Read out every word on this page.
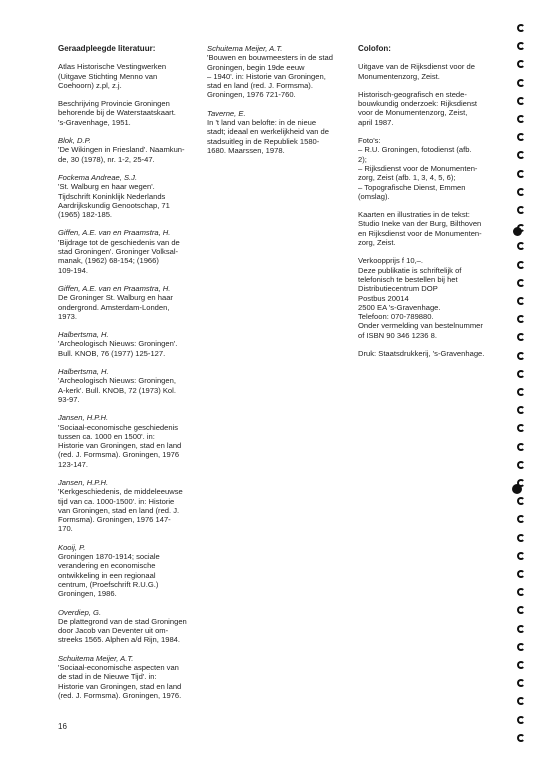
Geraadpleegde literatuur:
Atlas Historische Vestingwerken
(Uitgave Stichting Menno van
Coehoorn) z.pl, z.j.
Beschrijving Provincie Groningen
behorende bij de Waterstaatskaart.
's-Gravenhage, 1951.
Blok, D.P.
'De Wikingen in Friesland'. Naamkun-
de, 30 (1978), nr. 1-2, 25-47.
Fockema Andreae, S.J.
'St. Walburg en haar wegen'.
Tijdschrift Koninklijk Nederlands
Aardrijkskundig Genootschap, 71
(1965) 182-185.
Giffen, A.E. van en Praamstra, H.
'Bijdrage tot de geschiedenis van de
stad Groningen'. Groninger Volksal-
manak, (1962) 68-154; (1966)
109-194.
Giffen, A.E. van en Praamstra, H.
De Groninger St. Walburg en haar
ondergrond. Amsterdam-Londen,
1973.
Halbertsma, H.
'Archeologisch Nieuws: Groningen'.
Bull. KNOB, 76 (1977) 125-127.
Halbertsma, H.
'Archeologisch Nieuws: Groningen,
A-kerk'. Bull. KNOB, 72 (1973) Kol.
93-97.
Jansen, H.P.H.
'Sociaal-economische geschiedenis
tussen ca. 1000 en 1500'. in:
Historie van Groningen, stad en land
(red. J. Formsma). Groningen, 1976
123-147.
Jansen, H.P.H.
'Kerkgeschiedenis, de middeleeuwse
tijd van ca. 1000-1500'. in: Historie
van Groningen, stad en land (red. J.
Formsma). Groningen, 1976 147-
170.
Kooij, P.
Groningen 1870-1914; sociale
verandering en economische
ontwikkeling in een regionaal
centrum, (Proefschrift R.U.G.)
Groningen, 1986.
Overdiep, G.
De plattegrond van de stad Groningen
door Jacob van Deventer uit om-
streeks 1565. Alphen a/d Rijn, 1984.
Schuitema Meijer, A.T.
'Sociaal-economische aspecten van
de stad in de Nieuwe Tijd'. in:
Historie van Groningen, stad en land
(red. J. Formsma). Groningen, 1976.
Schuitema Meijer, A.T.
'Bouwen en bouwmeesters in de stad
Groningen, begin 19de eeuw
– 1940'. in: Historie van Groningen,
stad en land (red. J. Formsma).
Groningen, 1976 721-760.
Taverne, E.
In 't land van belofte: in de nieue
stadt; ideaal en werkelijkheid van de
stadsuitleg in de Republiek 1580-
1680. Maarssen, 1978.
Colofon:
Uitgave van de Rijksdienst voor de
Monumentenzorg, Zeist.
Historisch-geografisch en stede-
bouwkundig onderzoek: Rijksdienst
voor de Monumentenzorg, Zeist,
april 1987.
Foto's:
– R.U. Groningen, fotodienst (afb.
2);
– Rijksdienst voor de Monumenten-
zorg, Zeist (afb. 1, 3, 4, 5, 6);
– Topografische Dienst, Emmen
(omslag).
Kaarten en illustraties in de tekst:
Studio Ineke van der Burg, Bilthoven
en Rijksdienst voor de Monumenten-
zorg, Zeist.
Verkoopprijs f 10,–.
Deze publikatie is schriftelijk of
telefonisch te bestellen bij het
Distributiecentrum DOP
Postbus 20014
2500 EA 's-Gravenhage.
Telefoon: 070-789880.
Onder vermelding van bestelnummer
of ISBN 90 346 1236 8.
Druk: Staatsdrukkerij, 's-Gravenhage.
16
